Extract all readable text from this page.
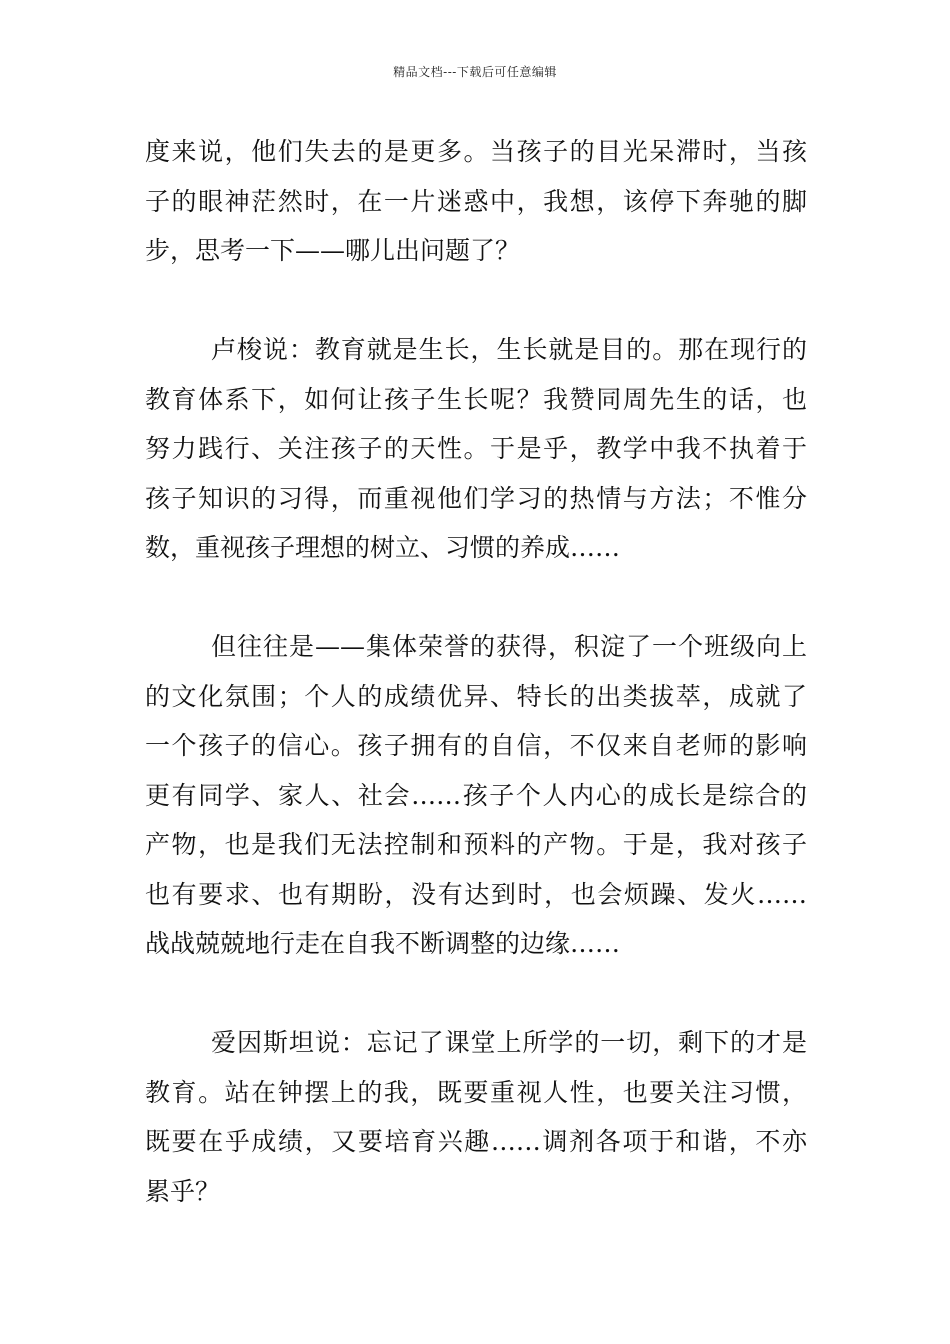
精品文档---下载后可任意编辑
度来说，他们失去的是更多。当孩子的目光呆滞时，当孩
子的眼神茫然时，在一片迷惑中，我想，该停下奔驰的脚
步，思考一下——哪儿出问题了？
卢梭说：教育就是生长，生长就是目的。那在现行的
教育体系下，如何让孩子生长呢？我赞同周先生的话，也
努力践行、关注孩子的天性。于是乎，教学中我不执着于
孩子知识的习得，而重视他们学习的热情与方法；不惟分
数，重视孩子理想的树立、习惯的养成……
但往往是——集体荣誉的获得，积淀了一个班级向上
的文化氛围；个人的成绩优异、特长的出类拔萃，成就了
一个孩子的信心。孩子拥有的自信，不仅来自老师的影响
更有同学、家人、社会……孩子个人内心的成长是综合的
产物，也是我们无法控制和预料的产物。于是，我对孩子
也有要求、也有期盼，没有达到时，也会烦躁、发火……
战战兢兢地行走在自我不断调整的边缘……
爱因斯坦说：忘记了课堂上所学的一切，剩下的才是
教育。站在钟摆上的我，既要重视人性，也要关注习惯，
既要在乎成绩，又要培育兴趣……调剂各项于和谐，不亦
累乎？
